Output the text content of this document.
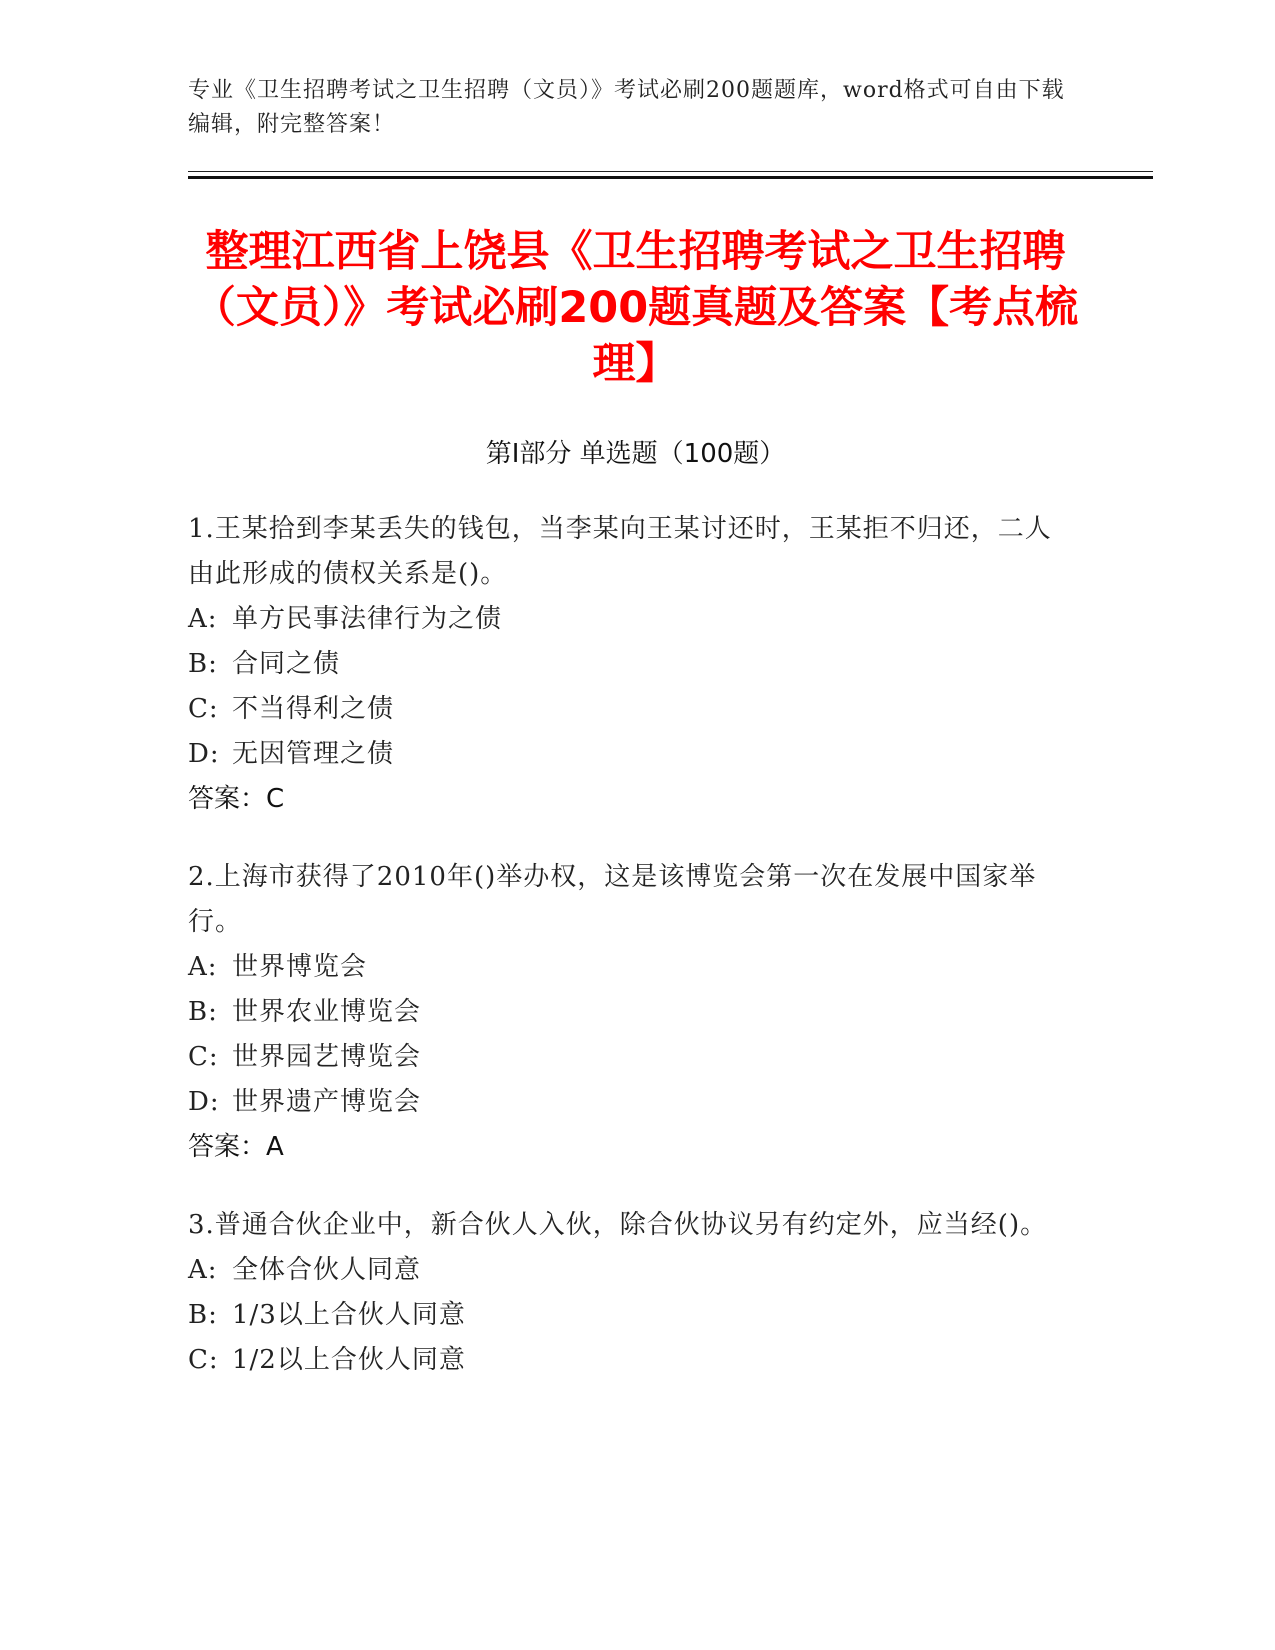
专业《卫生招聘考试之卫生招聘（文员）》考试必刷200题题库，word格式可自由下载编辑，附完整答案！
整理江西省上饶县《卫生招聘考试之卫生招聘（文员）》考试必刷200题真题及答案【考点梳理】
第I部分 单选题（100题）
1.王某拾到李某丢失的钱包，当李某向王某讨还时，王某拒不归还，二人由此形成的债权关系是()。
A: 单方民事法律行为之债
B: 合同之债
C: 不当得利之债
D: 无因管理之债
答案：C
2.上海市获得了2010年()举办权，这是该博览会第一次在发展中国家举行。
A: 世界博览会
B: 世界农业博览会
C: 世界园艺博览会
D: 世界遗产博览会
答案：A
3.普通合伙企业中，新合伙人入伙，除合伙协议另有约定外，应当经()。
A: 全体合伙人同意
B: 1/3以上合伙人同意
C: 1/2以上合伙人同意
